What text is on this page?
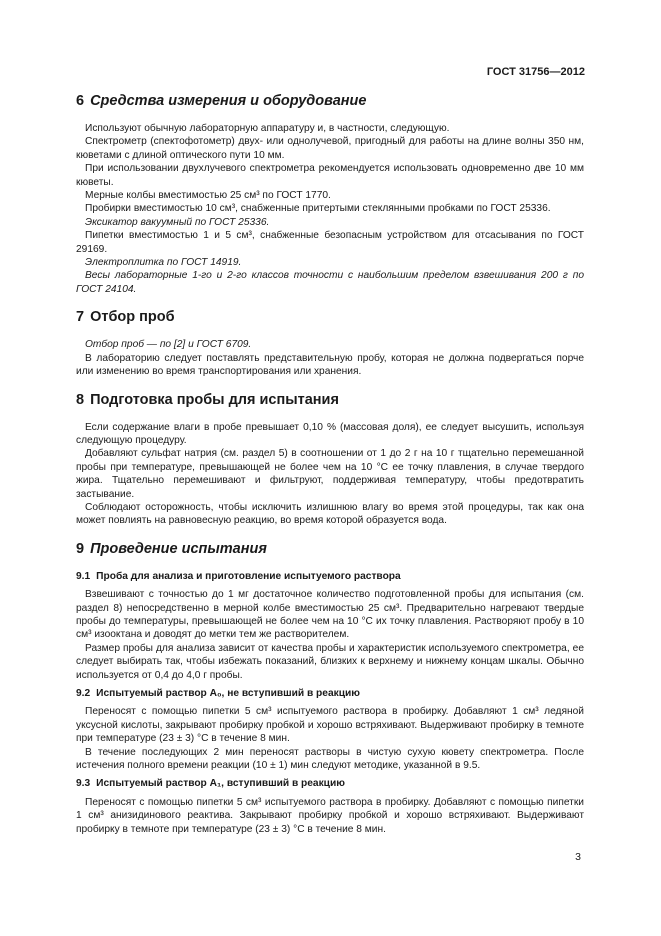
ГОСТ 31756—2012
6 Средства измерения и оборудование

Используют обычную лабораторную аппаратуру и, в частности, следующую.

Спектрометр (спектофотометр) двух- или однолучевой, пригодный для работы на длине волны 350 нм, кюветами с длиной оптического пути 10 мм.

При использовании двухлучевого спектрометра рекомендуется использовать одновременно две 10 мм кюветы.

Мерные колбы вместимостью 25 см³ по ГОСТ 1770.

Пробирки вместимостью 10 см³, снабженные притертыми стеклянными пробками по ГОСТ 25336.

Эксикатор вакуумный по ГОСТ 25336.

Пипетки вместимостью 1 и 5 см³, снабженные безопасным устройством для отсасывания по ГОСТ 29169.

Электроплитка по ГОСТ 14919.

Весы лабораторные 1-го и 2-го классов точности с наибольшим пределом взвешивания 200 г по ГОСТ 24104.

7 Отбор проб

Отбор проб — по [2] и ГОСТ 6709.

В лабораторию следует поставлять представительную пробу, которая не должна подвергаться порче или изменению во время транспортирования или хранения.

8 Подготовка пробы для испытания

Если содержание влаги в пробе превышает 0,10 % (массовая доля), ее следует высушить, используя следующую процедуру.

Добавляют сульфат натрия (см. раздел 5) в соотношении от 1 до 2 г на 10 г тщательно перемешанной пробы при температуре, превышающей не более чем на 10 °С ее точку плавления, в случае твердого жира. Тщательно перемешивают и фильтруют, поддерживая температуру, чтобы предотвратить застывание.

Соблюдают осторожность, чтобы исключить излишнюю влагу во время этой процедуры, так как она может повлиять на равновесную реакцию, во время которой образуется вода.

9 Проведение испытания
9.1 Проба для анализа и приготовление испытуемого раствора

Взвешивают с точностью до 1 мг достаточное количество подготовленной пробы для испытания (см. раздел 8) непосредственно в мерной колбе вместимостью 25 см³. Предварительно нагревают твердые пробы до температуры, превышающей не более чем на 10 °С их точку плавления. Растворяют пробу в 10 см³ изооктана и доводят до метки тем же растворителем.

Размер пробы для анализа зависит от качества пробы и характеристик используемого спектрометра, ее следует выбирать так, чтобы избежать показаний, близких к верхнему и нижнему концам шкалы. Обычно используется от 0,4 до 4,0 г пробы.

9.2 Испытуемый раствор А₀, не вступивший в реакцию

Переносят с помощью пипетки 5 см³ испытуемого раствора в пробирку. Добавляют 1 см³ ледяной уксусной кислоты, закрывают пробирку пробкой и хорошо встряхивают. Выдерживают пробирку в темноте при температуре (23 ± 3) °С в течение 8 мин.

В течение последующих 2 мин переносят растворы в чистую сухую кювету спектрометра. После истечения полного времени реакции (10 ± 1) мин следуют методике, указанной в 9.5.

9.3 Испытуемый раствор А₁, вступивший в реакцию

Переносят с помощью пипетки 5 см³ испытуемого раствора в пробирку. Добавляют с помощью пипетки 1 см³ анизидинового реактива. Закрывают пробирку пробкой и хорошо встряхивают. Выдерживают пробирку в темноте при температуре (23 ± 3) °С в течение 8 мин.

3
